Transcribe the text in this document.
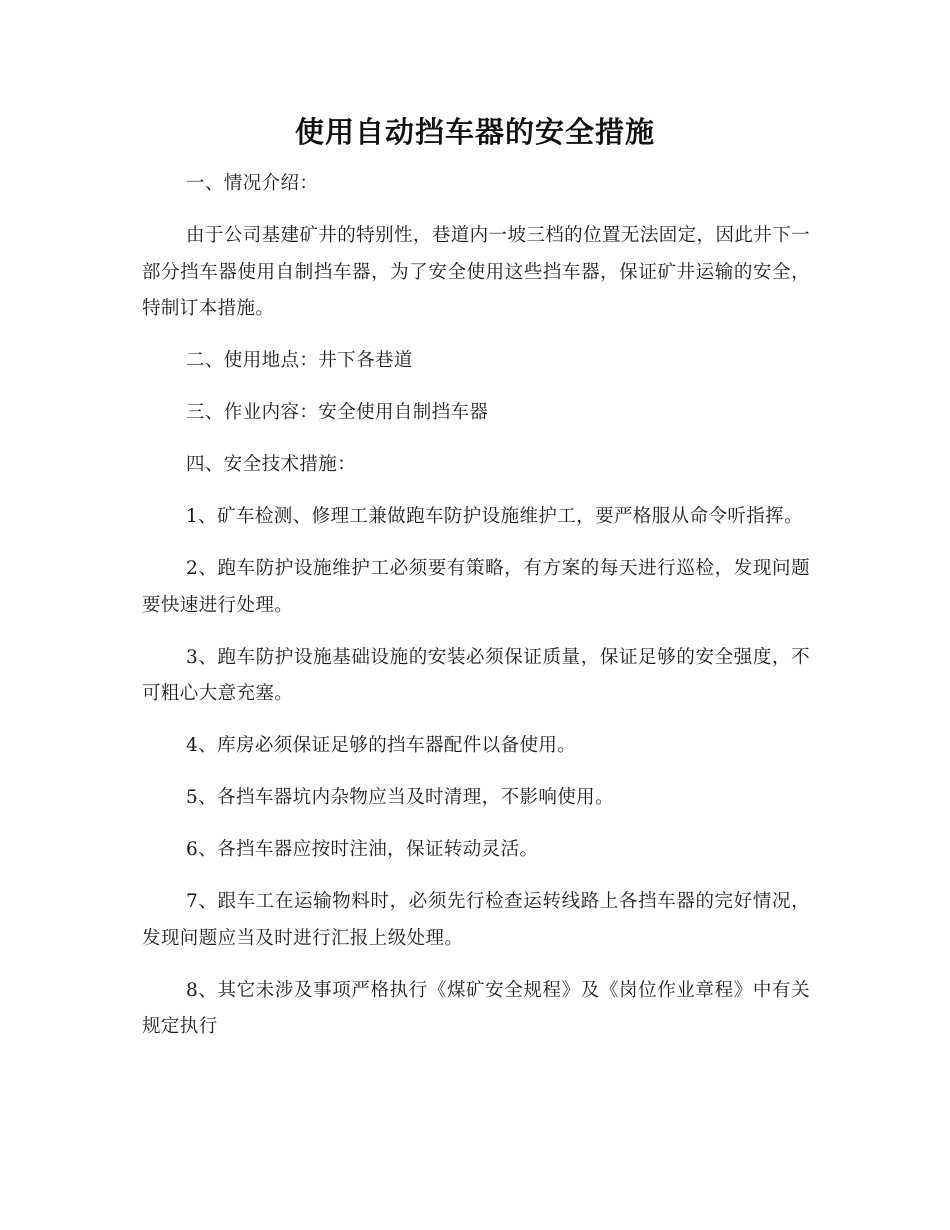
使用自动挡车器的安全措施

一、情况介绍：

由于公司基建矿井的特别性，巷道内一坡三档的位置无法固定，因此井下一部分挡车器使用自制挡车器，为了安全使用这些挡车器，保证矿井运输的安全，特制订本措施。

二、使用地点：井下各巷道

三、作业内容：安全使用自制挡车器

四、安全技术措施：

1、矿车检测、修理工兼做跑车防护设施维护工，要严格服从命令听指挥。

2、跑车防护设施维护工必须要有策略，有方案的每天进行巡检，发现问题要快速进行处理。

3、跑车防护设施基础设施的安装必须保证质量，保证足够的安全强度，不可粗心大意充塞。

4、库房必须保证足够的挡车器配件以备使用。

5、各挡车器坑内杂物应当及时清理，不影响使用。

6、各挡车器应按时注油，保证转动灵活。

7、跟车工在运输物料时，必须先行检查运转线路上各挡车器的完好情况，发现问题应当及时进行汇报上级处理。

8、其它未涉及事项严格执行《煤矿安全规程》及《岗位作业章程》中有关规定执行
